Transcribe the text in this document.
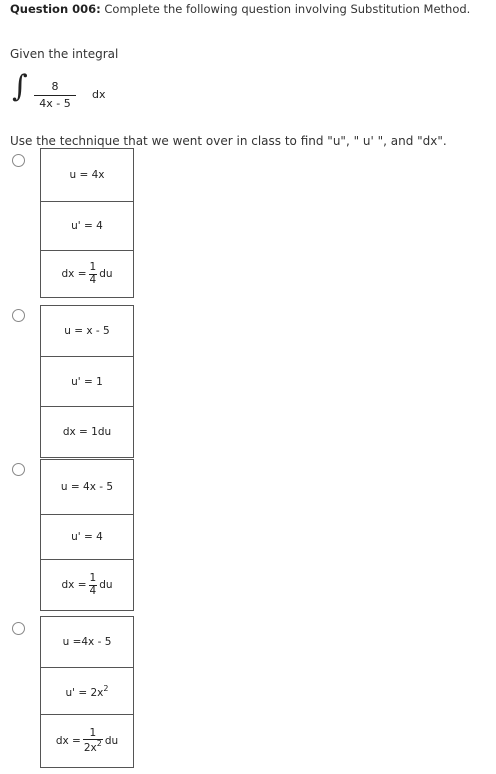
Question 006: Complete the following question involving Substitution Method.
Given the integral
∫	8
4x - 5
dx
Use the technique that we went over in class to find "u", " u' ", and "dx".
u = 4x
u' = 4
dx = $\frac{1}{4}$ du
u = x - 5
u' = 1
dx = 1du
u = 4x - 5
u' = 4
dx = $\frac{1}{4}$ du
u =4x - 5
$u' = 2x^2$
dx = $\frac{1}{2x^2}$ du
